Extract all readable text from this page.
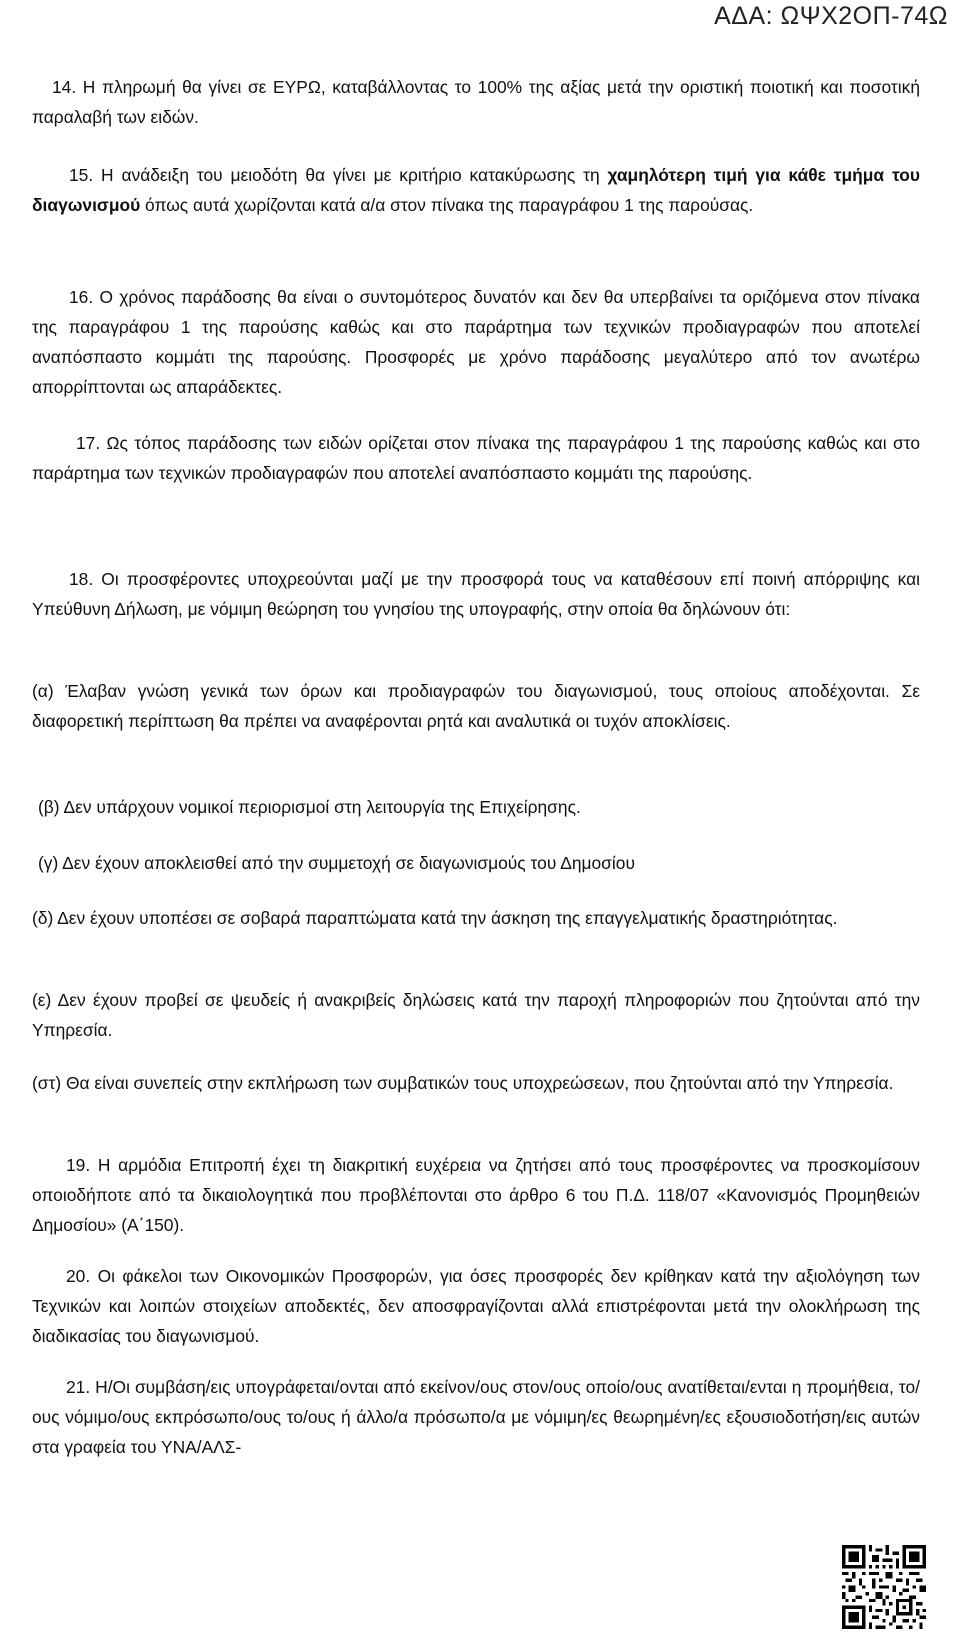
ΑΔΑ: ΩΨΧ2ΟΠ-74Ω

14. Η πληρωμή θα γίνει σε ΕΥΡΩ, καταβάλλοντας το 100% της αξίας μετά την οριστική ποιοτική και ποσοτική παραλαβή των ειδών.

15. Η ανάδειξη του μειοδότη θα γίνει με κριτήριο κατακύρωσης τη χαμηλότερη τιμή για κάθε τμήμα του διαγωνισμού όπως αυτά χωρίζονται κατά α/α στον πίνακα της παραγράφου 1 της παρούσας.

16. Ο χρόνος παράδοσης θα είναι ο συντομότερος δυνατόν και δεν θα υπερβαίνει τα οριζόμενα στον πίνακα της παραγράφου 1 της παρούσης καθώς και στο παράρτημα των τεχνικών προδιαγραφών που αποτελεί αναπόσπαστο κομμάτι της παρούσης. Προσφορές με χρόνο παράδοσης μεγαλύτερο από τον ανωτέρω απορρίπτονται ως απαράδεκτες.

17. Ως τόπος παράδοσης των ειδών ορίζεται στον πίνακα της παραγράφου 1 της παρούσης καθώς και στο παράρτημα των τεχνικών προδιαγραφών που αποτελεί αναπόσπαστο κομμάτι της παρούσης.

18. Οι προσφέροντες υποχρεούνται μαζί με την προσφορά τους να καταθέσουν επί ποινή απόρριψης και Υπεύθυνη Δήλωση, με νόμιμη θεώρηση του γνησίου της υπογραφής, στην οποία θα δηλώνουν ότι:

(α) Έλαβαν γνώση γενικά των όρων και προδιαγραφών του διαγωνισμού, τους οποίους αποδέχονται. Σε διαφορετική περίπτωση θα πρέπει να αναφέρονται ρητά και αναλυτικά οι τυχόν αποκλίσεις.

(β) Δεν υπάρχουν νομικοί περιορισμοί στη λειτουργία της Επιχείρησης.

(γ) Δεν έχουν αποκλεισθεί από την συμμετοχή σε διαγωνισμούς του Δημοσίου

(δ) Δεν έχουν υποπέσει σε σοβαρά παραπτώματα κατά την άσκηση της επαγγελματικής δραστηριότητας.

(ε) Δεν έχουν προβεί σε ψευδείς ή ανακριβείς δηλώσεις κατά την παροχή πληροφοριών που ζητούνται από την Υπηρεσία.

(στ) Θα είναι συνεπείς στην εκπλήρωση των συμβατικών τους υποχρεώσεων, που ζητούνται από την Υπηρεσία.

19. Η αρμόδια Επιτροπή έχει τη διακριτική ευχέρεια να ζητήσει από τους προσφέροντες να προσκομίσουν οποιοδήποτε από τα δικαιολογητικά που προβλέπονται στο άρθρο 6 του Π.Δ. 118/07 «Κανονισμός Προμηθειών Δημοσίου» (Α΄150).

20. Οι φάκελοι των Οικονομικών Προσφορών, για όσες προσφορές δεν κρίθηκαν κατά την αξιολόγηση των Τεχνικών και λοιπών στοιχείων αποδεκτές, δεν αποσφραγίζονται αλλά επιστρέφονται μετά την ολοκλήρωση της διαδικασίας του διαγωνισμού.

21. Η/Οι συμβάση/εις υπογράφεται/ονται από εκείνον/ους στον/ους οποίο/ους ανατίθεται/ενται η προμήθεια, το/ους νόμιμο/ους εκπρόσωπο/ους το/ους ή άλλο/α πρόσωπο/α με νόμιμη/ες θεωρημένη/ες εξουσιοδοτήση/εις αυτών στα γραφεία του ΥΝΑ/ΑΛΣ-
